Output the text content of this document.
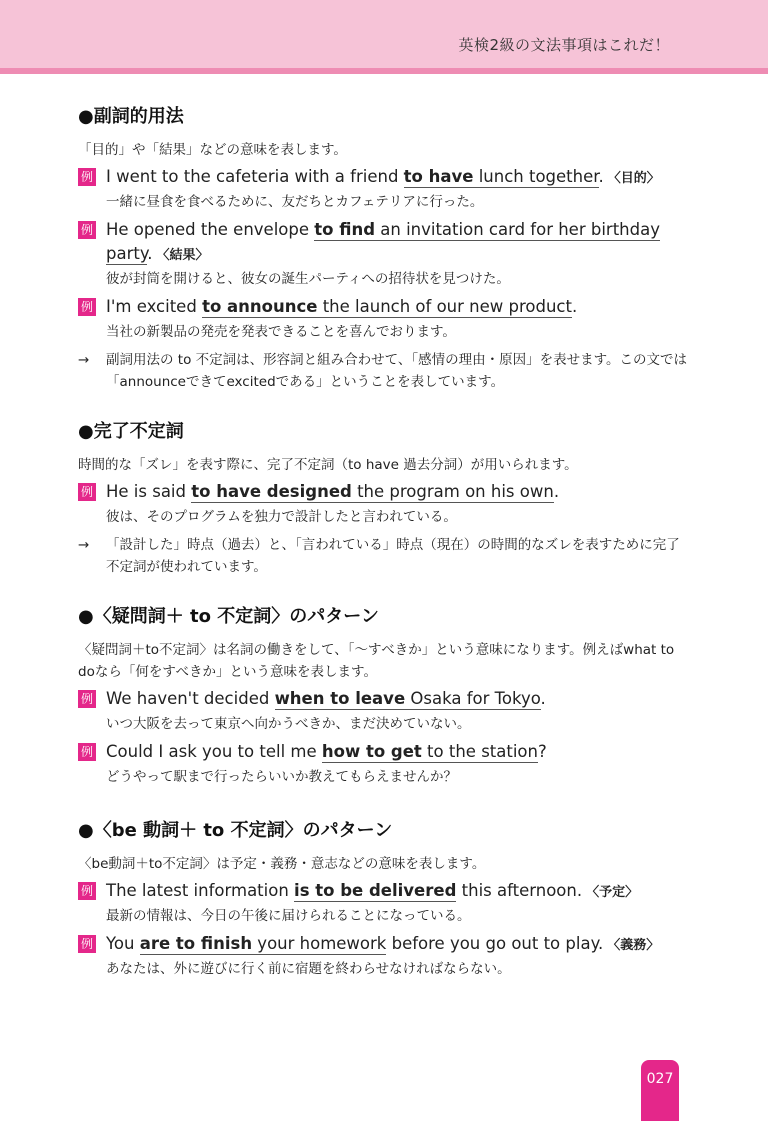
英検2級の文法事項はこれだ！
●副詞的用法
「目的」や「結果」などの意味を表します。
例 I went to the cafeteria with a friend to have lunch together. 〈目的〉
一緒に昼食を食べるために、友だちとカフェテリアに行った。
例 He opened the envelope to find an invitation card for her birthday party. 〈結果〉
彼が封筒を開けると、彼女の誕生パーティへの招待状を見つけた。
例 I'm excited to announce the launch of our new product.
当社の新製品の発売を発表できることを喜んでおります。
→	副詞用法の to 不定詞は、形容詞と組み合わせて、「感情の理由・原因」を表せます。この文では「announceできてexcitedである」ということを表しています。
●完了不定詞
時間的な「ズレ」を表す際に、完了不定詞（to have 過去分詞）が用いられます。
例 He is said to have designed the program on his own.
彼は、そのプログラムを独力で設計したと言われている。
→	「設計した」時点（過去）と、「言われている」時点（現在）の時間的なズレを表すために完了不定詞が使われています。
●〈疑問詞＋ to 不定詞〉のパターン
〈疑問詞＋to不定詞〉は名詞の働きをして、「～すべきか」という意味になります。例えばwhat to doなら「何をすべきか」という意味を表します。
例 We haven't decided when to leave Osaka for Tokyo.
いつ大阪を去って東京へ向かうべきか、まだ決めていない。
例 Could I ask you to tell me how to get to the station?
どうやって駅まで行ったらいいか教えてもらえませんか？
●〈be 動詞＋ to 不定詞〉のパターン
〈be動詞＋to不定詞〉は予定・義務・意志などの意味を表します。
例 The latest information is to be delivered this afternoon. 〈予定〉
最新の情報は、今日の午後に届けられることになっている。
例 You are to finish your homework before you go out to play. 〈義務〉
あなたは、外に遊びに行く前に宿題を終わらせなければならない。
027
